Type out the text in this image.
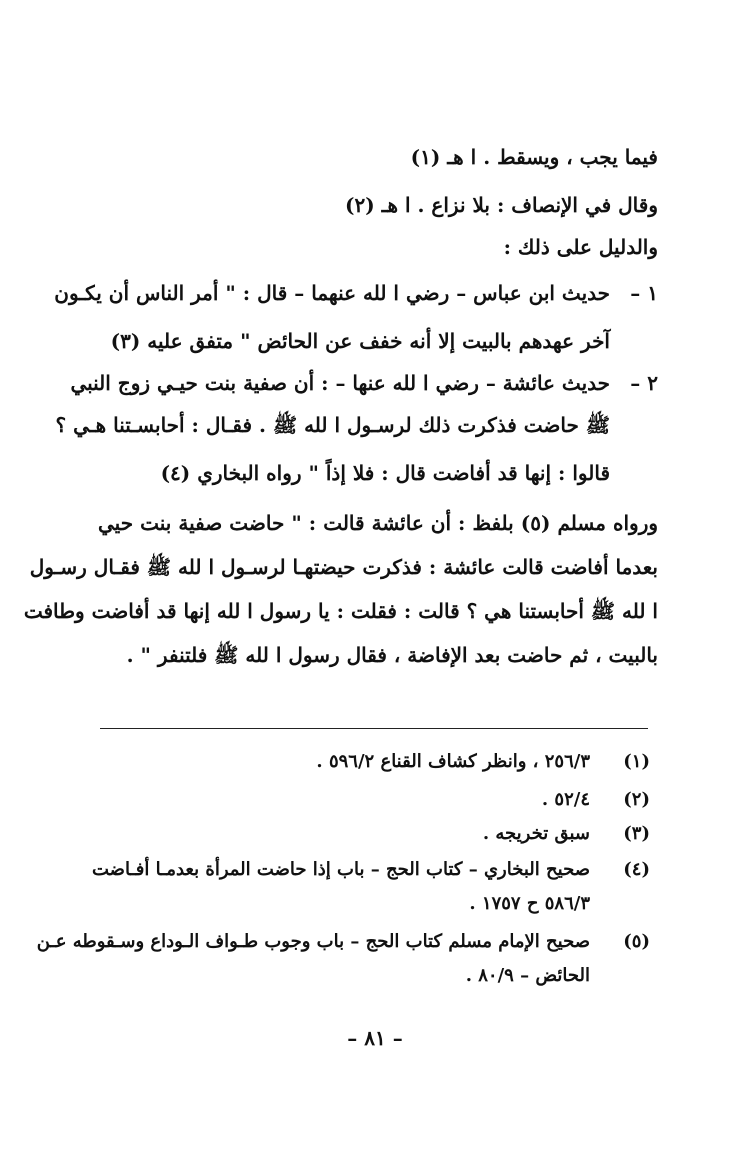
فيما يجب ، ويسقط . ا هـ (١)
وقال في الإنصاف : بلا نزاع . ا هـ (٢)
والدليل على ذلك :
١ –
حديث ابن عباس – رضي ا لله عنهما – قال : " أمر الناس أن يكـون
آخر عهدهم بالبيت إلا أنه خفف عن الحائض " متفق عليه (٣)
٢ –
حديث عائشة – رضي ا لله عنها – : أن صفية بنت حيـي زوج النبي
ﷺ حاضت فذكرت ذلك لرسـول ا لله ﷺ . فقـال : أحابسـتنا هـي ؟
قالوا : إنها قد أفاضت قال : فلا إذاً " رواه البخاري (٤)
ورواه مسلم (٥) بلفظ : أن عائشة قالت : " حاضت صفية بنت حيي
بعدما أفاضت قالت عائشة : فذكرت حيضتهـا لرسـول ا لله ﷺ فقـال رسـول
ا لله ﷺ أحابستنا هي ؟ قالت : فقلت : يا رسول ا لله إنها قد أفاضت وطافت
بالبيت ، ثم حاضت بعد الإفاضة ، فقال رسول ا لله ﷺ فلتنفر " .
(١)
٢٥٦/٣ ، وانظر كشاف القناع ٥٩٦/٢ .
(٢)
٥٢/٤ .
(٣)
سبق تخريجه .
(٤)
صحيح البخاري – كتاب الحج – باب إذا حاضت المرأة بعدمـا أفـاضت
٥٨٦/٣ ح ١٧٥٧ .
(٥)
صحيح الإمام مسلم كتاب الحج – باب وجوب طـواف الـوداع وسـقوطه عـن
الحائض – ٨٠/٩ .
– ٨١ –
